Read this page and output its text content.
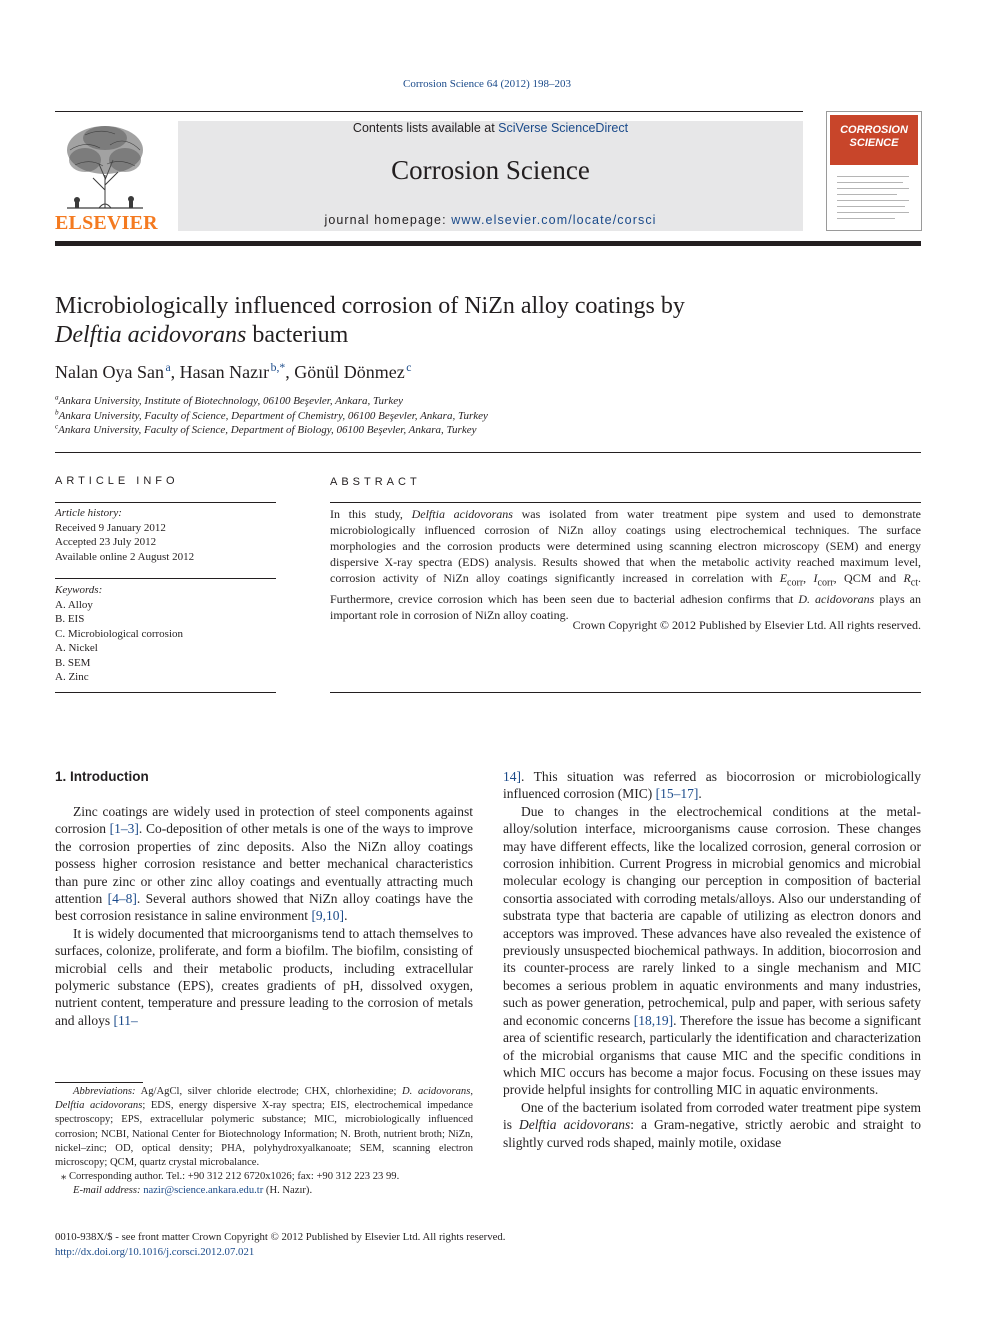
Corrosion Science 64 (2012) 198–203
ELSEVIER
Contents lists available at SciVerse ScienceDirect
Corrosion Science
journal homepage: www.elsevier.com/locate/corsci
CORROSION
SCIENCE
Microbiologically influenced corrosion of NiZn alloy coatings by
Delftia acidovorans bacterium
Nalan Oya San  $^a$, Hasan Nazır  $^{b,*}$, Gönül Dönmez  $^c$
$^a$Ankara University, Institute of Biotechnology, 06100 Beşevler, Ankara, Turkey
$^b$Ankara University, Faculty of Science, Department of Chemistry, 06100 Beşevler, Ankara, Turkey
$^c$Ankara University, Faculty of Science, Department of Biology, 06100 Beşevler, Ankara, Turkey
ARTICLE INFO
Article history:
Received 9 January 2012
Accepted 23 July 2012
Available online 2 August 2012
Keywords:
A. Alloy
B. EIS
C. Microbiological corrosion
A. Nickel
B. SEM
A. Zinc
ABSTRACT
In this study, Delftia acidovorans was isolated from water treatment pipe system and used to demonstrate microbiologically influenced corrosion of NiZn alloy coatings using electrochemical techniques. The surface morphologies and the corrosion products were determined using scanning electron microscopy (SEM) and energy dispersive X-ray spectra (EDS) analysis. Results showed that when the metabolic activity reached maximum level, corrosion activity of NiZn alloy coatings significantly increased in correlation with $E_{corr}$, $I_{corr}$, QCM and $R_{ct}$. Furthermore, crevice corrosion which has been seen due to bacterial adhesion confirms that D. acidovorans plays an important role in corrosion of NiZn alloy coating.
Crown Copyright © 2012 Published by Elsevier Ltd. All rights reserved.
1. Introduction

Zinc coatings are widely used in protection of steel components against corrosion [1–3]. Co-deposition of other metals is one of the ways to improve the corrosion properties of zinc deposits. Also the NiZn alloy coatings possess higher corrosion resistance and better mechanical characteristics than pure zinc or other zinc alloy coatings and eventually attracting much attention [4–8]. Several authors showed that NiZn alloy coatings have the best corrosion resistance in saline environment [9,10].

It is widely documented that microorganisms tend to attach themselves to surfaces, colonize, proliferate, and form a biofilm. The biofilm, consisting of microbial cells and their metabolic products, including extracellular polymeric substance (EPS), creates gradients of pH, dissolved oxygen, nutrient content, temperature and pressure leading to the corrosion of metals and alloys [11–

14]. This situation was referred as biocorrosion or microbiologically influenced corrosion (MIC) [15–17].

Due to changes in the electrochemical conditions at the metal-alloy/solution interface, microorganisms cause corrosion. These changes may have different effects, like the localized corrosion, general corrosion or corrosion inhibition. Current Progress in microbial genomics and microbial molecular ecology is changing our perception in composition of bacterial consortia associated with corroding metals/alloys. Also our understanding of substrata type that bacteria are capable of utilizing as electron donors and acceptors was improved. These advances have also revealed the existence of previously unsuspected biochemical pathways. In addition, biocorrosion and its counter-process are rarely linked to a single mechanism and MIC becomes a serious problem in aquatic environments and many industries, such as power generation, petrochemical, pulp and paper, with serious safety and economic concerns [18,19]. Therefore the issue has become a significant area of scientific research, particularly the identification and characterization of the microbial organisms that cause MIC and the specific conditions in which MIC occurs has become a major focus. Focusing on these issues may provide helpful insights for controlling MIC in aquatic environments.

One of the bacterium isolated from corroded water treatment pipe system is Delftia acidovorans: a Gram-negative, strictly aerobic and straight to slightly curved rods shaped, mainly motile, oxidase

Abbreviations: Ag/AgCl, silver chloride electrode; CHX, chlorhexidine; D. acidovorans, Delftia acidovorans; EDS, energy dispersive X-ray spectra; EIS, electrochemical impedance spectroscopy; EPS, extracellular polymeric substance; MIC, microbiologically influenced corrosion; NCBI, National Center for Biotechnology Information; N. Broth, nutrient broth; NiZn, nickel–zinc; OD, optical density; PHA, polyhydroxyalkanoate; SEM, scanning electron microscopy; QCM, quartz crystal microbalance.

⁎ Corresponding author. Tel.: +90 312 212 6720x1026; fax: +90 312 223 23 99.

E-mail address: nazir@science.ankara.edu.tr (H. Nazır).

0010-938X/$ - see front matter Crown Copyright © 2012 Published by Elsevier Ltd. All rights reserved.
http://dx.doi.org/10.1016/j.corsci.2012.07.021
